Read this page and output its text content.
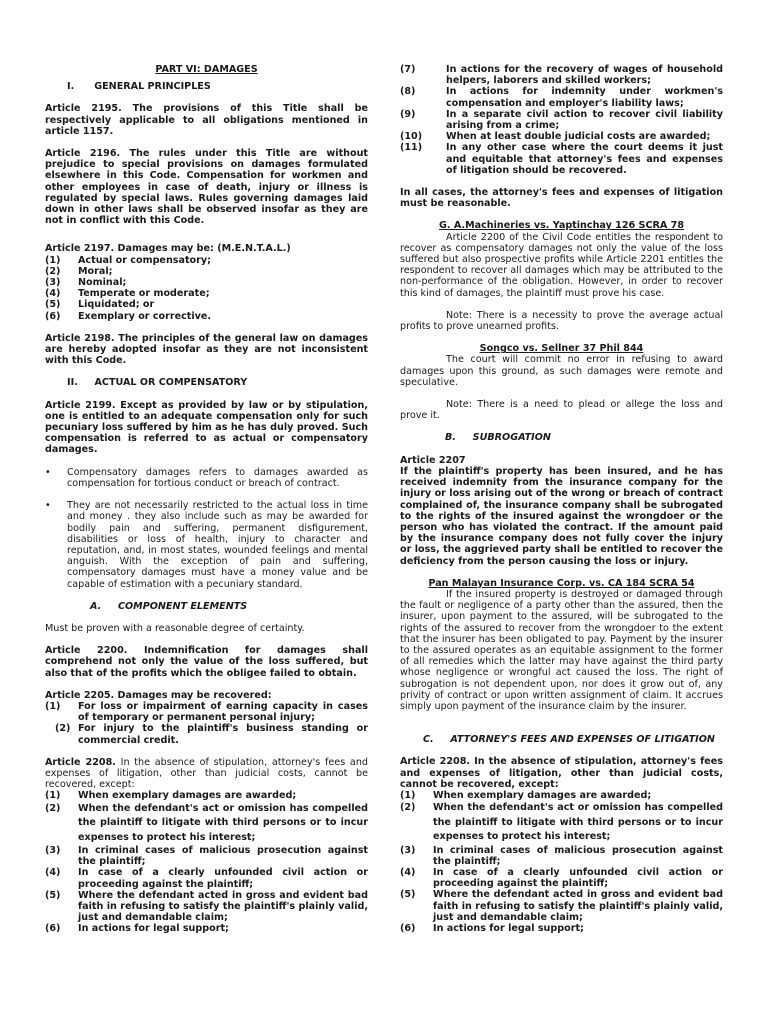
PART VI: DAMAGES

I.      GENERAL PRINCIPLES

Article 2195. The provisions of this Title shall be respectively applicable to all obligations mentioned in article 1157.

Article 2196. The rules under this Title are without prejudice to special provisions on damages formulated elsewhere in this Code. Compensation for workmen and other employees in case of death, injury or illness is regulated by special laws. Rules governing damages laid down in other laws shall be observed insofar as they are not in conflict with this Code.

Article 2197. Damages may be: (M.E.N.T.A.L.)

(1)	Actual or compensatory;
(2)	Moral;
(3)	Nominal;
(4)	Temperate or moderate;
(5)	Liquidated; or
(6)	Exemplary or corrective.

Article 2198. The principles of the general law on damages are hereby adopted insofar as they are not inconsistent with this Code.

II.     ACTUAL OR COMPENSATORY

Article 2199. Except as provided by law or by stipulation, one is entitled to an adequate compensation only for such pecuniary loss suffered by him as he has duly proved. Such compensation is referred to as actual or compensatory damages.

•	Compensatory damages refers to damages awarded as compensation for tortious conduct or breach of contract.
•	They are not necessarily restricted to the actual loss in time and money . they also include such as may be awarded for bodily pain and suffering, permanent disfigurement, disabilities or loss of health, injury to character and reputation, and, in most states, wounded feelings and mental anguish. With the exception of pain and suffering, compensatory damages must have a money value and be capable of estimation with a pecuniary standard.

A.     COMPONENT ELEMENTS

Must be proven with a reasonable degree of certainty.

Article 2200. Indemnification for damages shall comprehend not only the value of the loss suffered, but also that of the profits which the obligee failed to obtain.

Article 2205. Damages may be recovered:

(1)	For loss or impairment of earning capacity in cases of temporary or permanent personal injury;
(2) For injury to the plaintiff's business standing or commercial credit.

Article 2208. In the absence of stipulation, attorney's fees and expenses of litigation, other than judicial costs, cannot be recovered, except:

(1)	When exemplary damages are awarded;
(2)	When the defendant's act or omission has compelled the plaintiff to litigate with third persons or to incur expenses to protect his interest;
(3)	In criminal cases of malicious prosecution against the plaintiff;
(4)	In case of a clearly unfounded civil action or proceeding against the plaintiff;
(5)	Where the defendant acted in gross and evident bad faith in refusing to satisfy the plaintiff's plainly valid, just and demandable claim;
(6)	In actions for legal support;
(7)	In actions for the recovery of wages of household helpers, laborers and skilled workers;
(8)	In actions for indemnity under workmen's compensation and employer's liability laws;
(9)	In a separate civil action to recover civil liability arising from a crime;
(10)	When at least double judicial costs are awarded;
(11)	In any other case where the court deems it just and equitable that attorney's fees and expenses of litigation should be recovered.

In all cases, the attorney's fees and expenses of litigation must be reasonable.

G. A.Machineries vs. Yaptinchay 126 SCRA 78

Article 2200 of the Civil Code entitles the respondent to recover as compensatory damages not only the value of the loss suffered but also prospective profits while Article 2201 entitles the respondent to recover all damages which may be attributed to the non-performance of the obligation. However, in order to recover this kind of damages, the plaintiff must prove his case.

Note: There is a necessity to prove the average actual profits to prove unearned profits.

Songco vs. Sellner 37 Phil 844

The court will commit no error in refusing to award damages upon this ground, as such damages were remote and speculative.

Note: There is a need to plead or allege the loss and prove it.

B.     SUBROGATION

Article 2207

If the plaintiff's property has been insured, and he has received indemnity from the insurance company for the injury or loss arising out of the wrong or breach of contract complained of, the insurance company shall be subrogated to the rights of the insured against the wrongdoer or the person who has violated the contract. If the amount paid by the insurance company does not fully cover the injury or loss, the aggrieved party shall be entitled to recover the deficiency from the person causing the loss or injury.

Pan Malayan Insurance Corp. vs. CA 184 SCRA 54

If the insured property is destroyed or damaged through the fault or negligence of a party other than the assured, then the insurer, upon payment to the assured, will be subrogated to the rights of the assured to recover from the wrongdoer to the extent that the insurer has been obligated to pay. Payment by the insurer to the assured operates as an equitable assignment to the former of all remedies which the latter may have against the third party whose negligence or wrongful act caused the loss. The right of subrogation is not dependent upon, nor does it grow out of, any privity of contract or upon written assignment of claim. It accrues simply upon payment of the insurance claim by the insurer.

C.     ATTORNEY'S FEES AND EXPENSES OF LITIGATION

Article 2208. In the absence of stipulation, attorney's fees and expenses of litigation, other than judicial costs, cannot be recovered, except:

(1)	When exemplary damages are awarded;
(2)	When the defendant's act or omission has compelled the plaintiff to litigate with third persons or to incur expenses to protect his interest;
(3)	In criminal cases of malicious prosecution against the plaintiff;
(4)	In case of a clearly unfounded civil action or proceeding against the plaintiff;
(5)	Where the defendant acted in gross and evident bad faith in refusing to satisfy the plaintiff's plainly valid, just and demandable claim;
(6)	In actions for legal support;
